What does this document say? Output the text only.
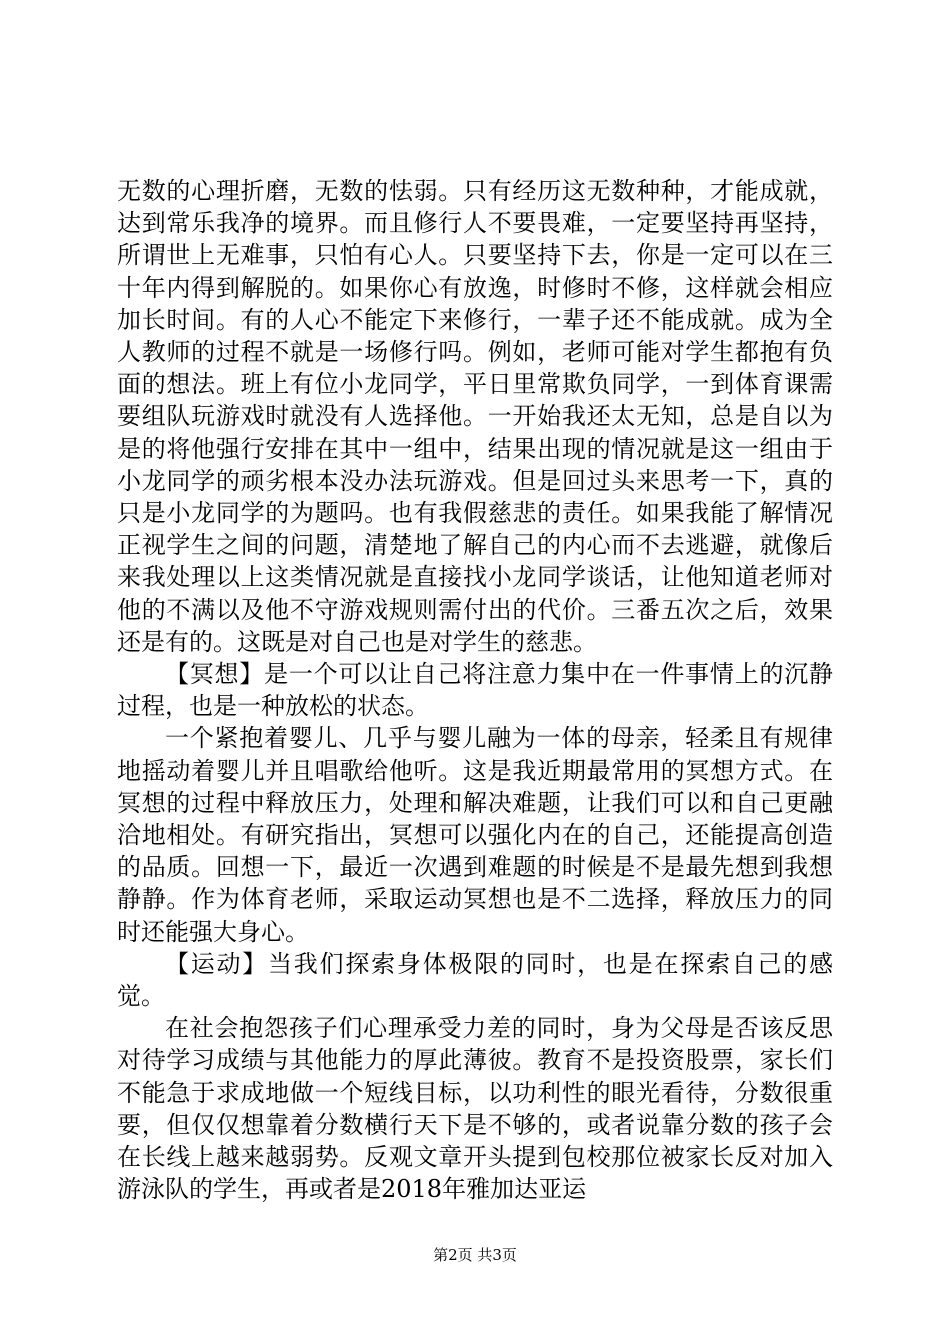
无数的心理折磨，无数的怯弱。只有经历这无数种种，才能成就，达到常乐我净的境界。而且修行人不要畏难，一定要坚持再坚持，所谓世上无难事，只怕有心人。只要坚持下去，你是一定可以在三十年内得到解脱的。如果你心有放逸，时修时不修，这样就会相应加长时间。有的人心不能定下来修行，一辈子还不能成就。成为全人教师的过程不就是一场修行吗。例如，老师可能对学生都抱有负面的想法。班上有位小龙同学，平日里常欺负同学，一到体育课需要组队玩游戏时就没有人选择他。一开始我还太无知，总是自以为是的将他强行安排在其中一组中，结果出现的情况就是这一组由于小龙同学的顽劣根本没办法玩游戏。但是回过头来思考一下，真的只是小龙同学的为题吗。也有我假慈悲的责任。如果我能了解情况正视学生之间的问题，清楚地了解自己的内心而不去逃避，就像后来我处理以上这类情况就是直接找小龙同学谈话，让他知道老师对他的不满以及他不守游戏规则需付出的代价。三番五次之后，效果还是有的。这既是对自己也是对学生的慈悲。

【冥想】是一个可以让自己将注意力集中在一件事情上的沉静过程，也是一种放松的状态。

一个紧抱着婴儿、几乎与婴儿融为一体的母亲，轻柔且有规律地摇动着婴儿并且唱歌给他听。这是我近期最常用的冥想方式。在冥想的过程中释放压力，处理和解决难题，让我们可以和自己更融洽地相处。有研究指出，冥想可以强化内在的自己，还能提高创造的品质。回想一下，最近一次遇到难题的时候是不是最先想到我想静静。作为体育老师，采取运动冥想也是不二选择，释放压力的同时还能强大身心。

【运动】当我们探索身体极限的同时，也是在探索自己的感觉。

在社会抱怨孩子们心理承受力差的同时，身为父母是否该反思对待学习成绩与其他能力的厚此薄彼。教育不是投资股票，家长们不能急于求成地做一个短线目标，以功利性的眼光看待，分数很重要，但仅仅想靠着分数横行天下是不够的，或者说靠分数的孩子会在长线上越来越弱势。反观文章开头提到包校那位被家长反对加入游泳队的学生，再或者是2018年雅加达亚运

第2页 共3页
